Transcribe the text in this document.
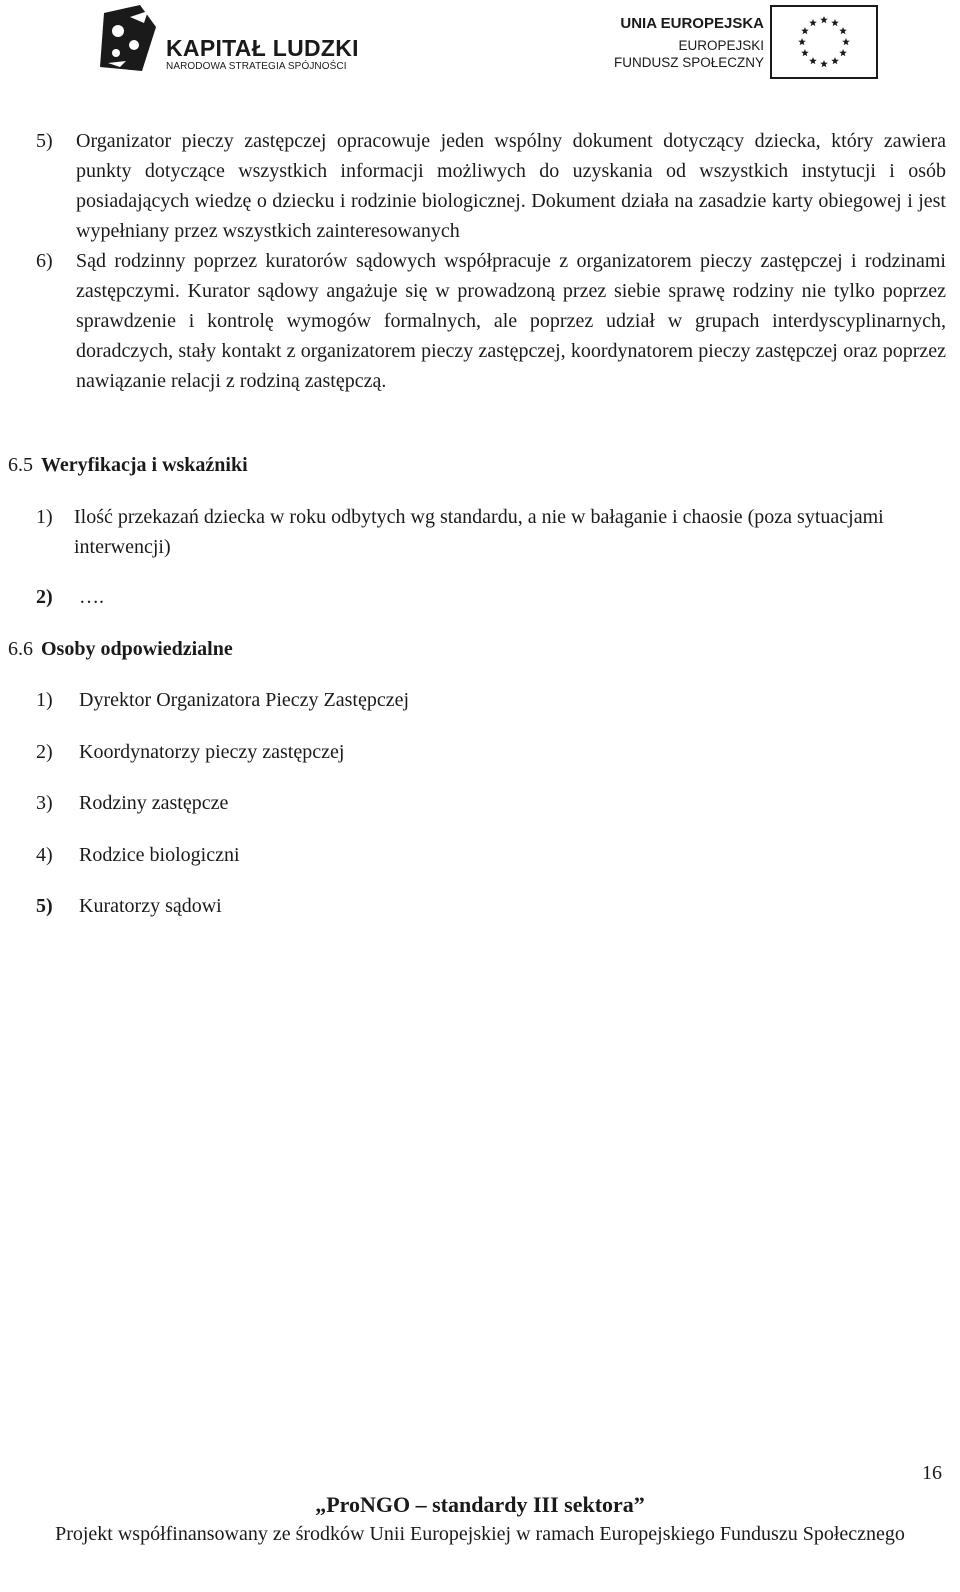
KAPITAŁ LUDZKI
NARODOWA STRATEGIA SPÓJNOŚCI
UNIA EUROPEJSKA
EUROPEJSKI
FUNDUSZ SPOŁECZNY
5) Organizator pieczy zastępczej opracowuje jeden wspólny dokument dotyczący dziecka, który zawiera punkty dotyczące wszystkich informacji możliwych do uzyskania od wszystkich instytucji i osób posiadających wiedzę o dziecku i rodzinie biologicznej. Dokument działa na zasadzie karty obiegowej i jest wypełniany przez wszystkich zainteresowanych
6) Sąd rodzinny poprzez kuratorów sądowych współpracuje z organizatorem pieczy zastępczej i rodzinami zastępczymi. Kurator sądowy angażuje się w prowadzoną przez siebie sprawę rodziny nie tylko poprzez sprawdzenie i kontrolę wymogów formalnych, ale poprzez udział w grupach interdyscyplinarnych, doradczych, stały kontakt z organizatorem pieczy zastępczej, koordynatorem pieczy zastępczej oraz poprzez nawiązanie relacji z rodziną zastępczą.
6.5 Weryfikacja i wskaźniki
1)	Ilość przekazań dziecka w roku odbytych wg standardu, a nie w bałaganie i chaosie (poza sytuacjami interwencji)
2) ….
6.6 Osoby odpowiedzialne
1) Dyrektor Organizatora Pieczy Zastępczej
2) Koordynatorzy pieczy zastępczej
3) Rodziny zastępcze
4) Rodzice biologiczni
5) Kuratorzy sądowi
16
„ProNGO – standardy III sektora”
Projekt współfinansowany ze środków Unii Europejskiej w ramach Europejskiego Funduszu Społecznego
